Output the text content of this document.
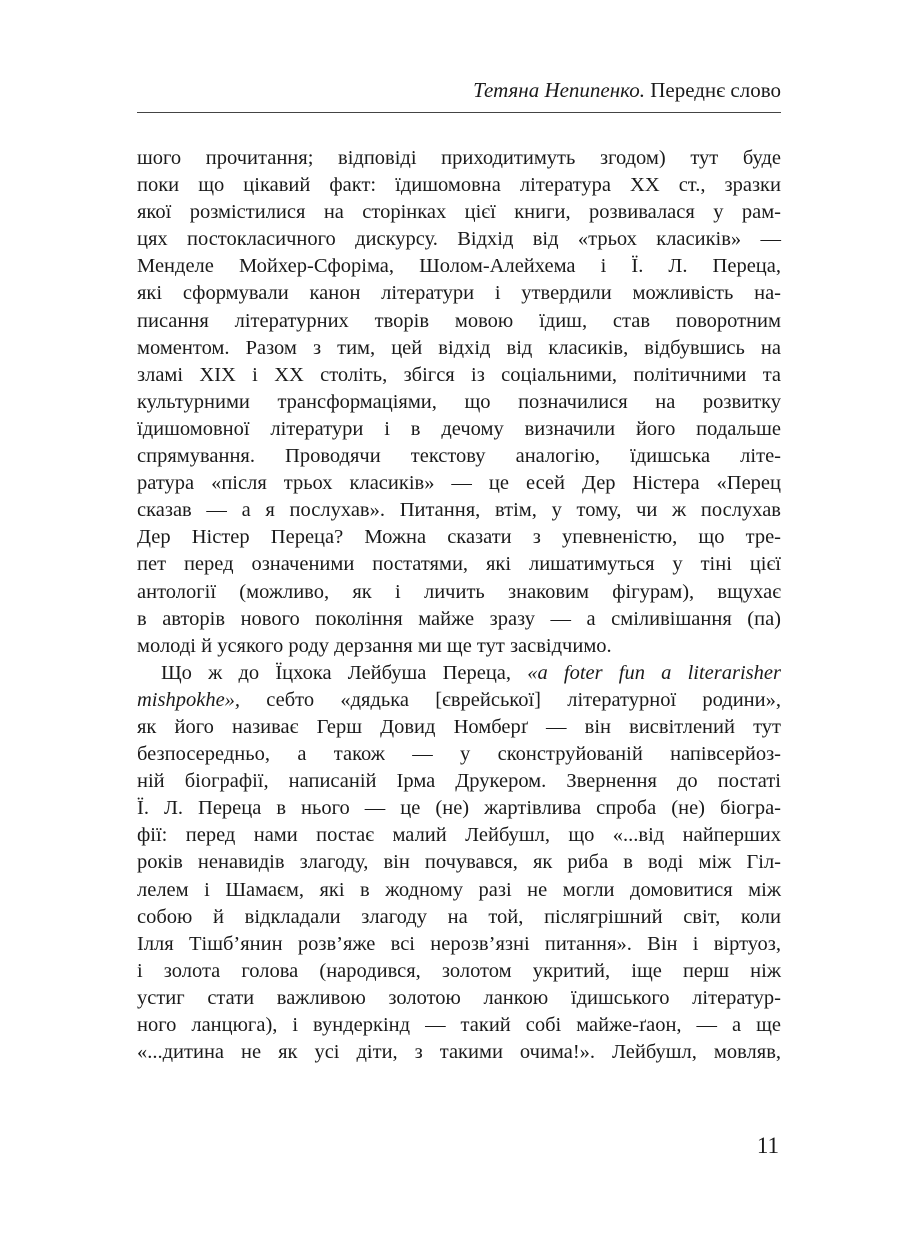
Тетяна Непипенко. Переднє слово
шого прочитання; відповіді приходитимуть згодом) тут буде
поки що цікавий факт: їдишомовна література XX ст., зразки
якої розмістилися на сторінках цієї книги, розвивалася у рам-
цях постокласичного дискурсу. Відхід від «трьох класиків» —
Менделе Мойхер-Сфоріма, Шолом-Алейхема і Ї. Л. Переца,
які сформували канон літератури і утвердили можливість на-
писання літературних творів мовою їдиш, став поворотним
моментом. Разом з тим, цей відхід від класиків, відбувшись на
зламі XIX і XX століть, збігся із соціальними, політичними та
культурними трансформаціями, що позначилися на розвитку
їдишомовної літератури і в дечому визначили його подальше
спрямування. Проводячи текстову аналогію, їдишська літе-
ратура «після трьох класиків» — це есей Дер Ністера «Перец
сказав — а я послухав». Питання, втім, у тому, чи ж послухав
Дер Ністер Переца? Можна сказати з упевненістю, що тре-
пет перед означеними постатями, які лишатимуться у тіні цієї
антології (можливо, як і личить знаковим фігурам), вщухає
в авторів нового покоління майже зразу — а сміливішання (па)
молоді й усякого роду дерзання ми ще тут засвідчимо.
Що ж до Їцхока Лейбуша Переца, «a foter fun a literarisher
mishpokhe», себто «дядька [єврейської] літературної родини»,
як його називає Герш Довид Номберґ — він висвітлений тут
безпосередньо, а також — у сконструйованій напівсерйоз-
ній біографії, написаній Ірма Друкером. Звернення до постаті
Ї. Л. Переца в нього — це (не) жартівлива спроба (не) біогра-
фії: перед нами постає малий Лейбушл, що «...від найперших
років ненавидів злагоду, він почувався, як риба в воді між Гіл-
лелем і Шамаєм, які в жодному разі не могли домовитися між
собою й відкладали злагоду на той, післягрішний світ, коли
Ілля Тішб’янин розв’яже всі нерозв’язні питання». Він і віртуоз,
і золота голова (народився, золотом укритий, іще перш ніж
устиг стати важливою золотою ланкою їдишського літератур-
ного ланцюга), і вундеркінд — такий собі майже-ґаон, — а ще
«...дитина не як усі діти, з такими очима!». Лейбушл, мовляв,
11
